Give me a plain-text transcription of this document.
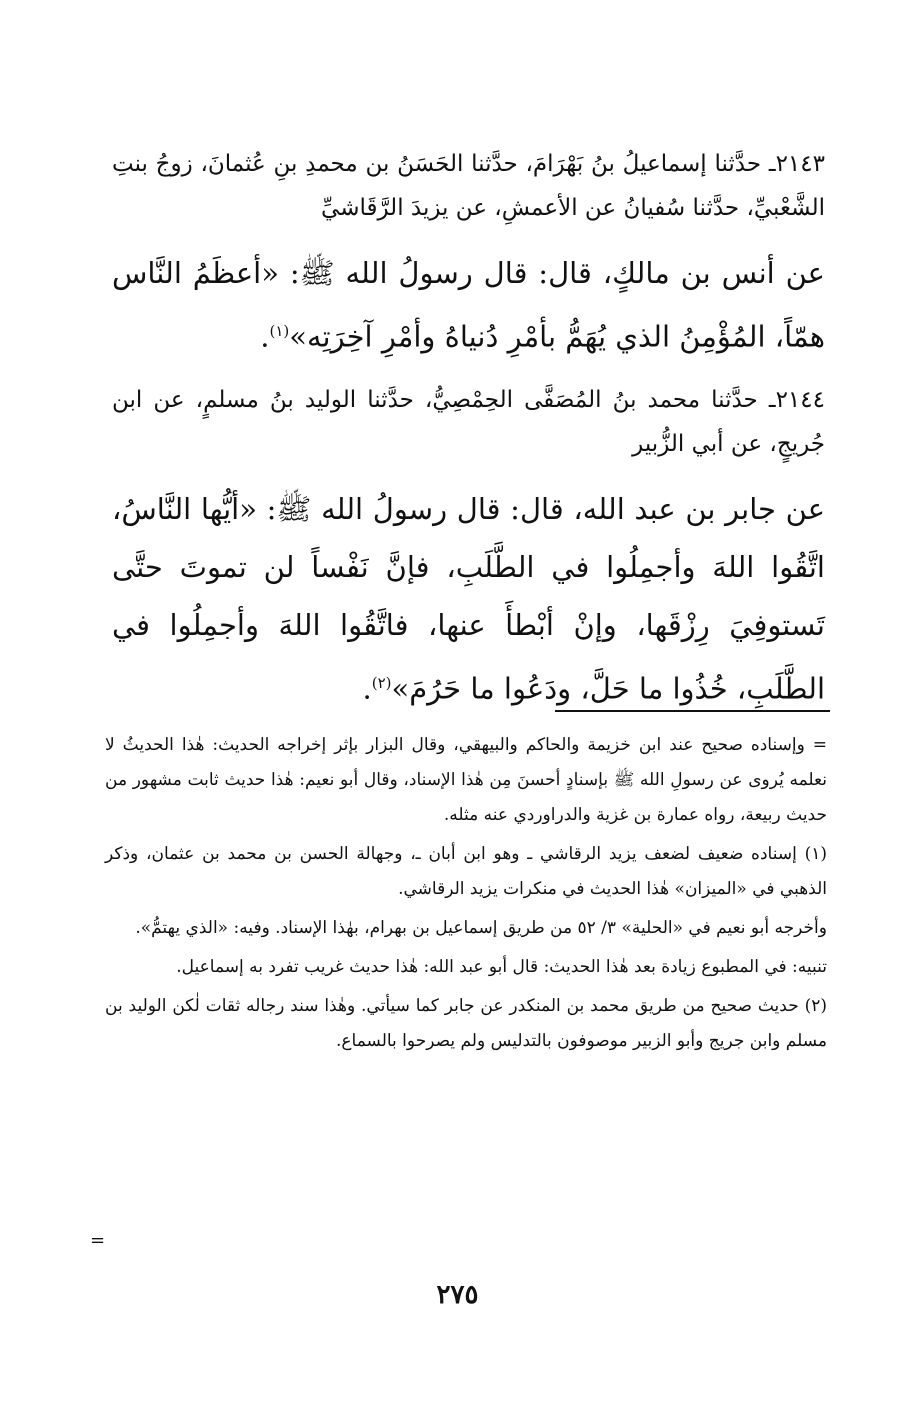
٢١٤٣ـ حدَّثنا إسماعيلُ بنُ بَهْرَامَ، حدَّثنا الحَسَنُ بن محمدِ بنِ عُثمانَ، زوجُ بنتِ الشَّعْبيِّ، حدَّثنا سُفيانُ عن الأعمشِ، عن يزيدَ الرَّقَاشيِّ

عن أنس بن مالكٍ، قال: قال رسولُ الله ﷺ: «أعظَمُ النَّاس همّاً، المُؤْمِنُ الذي يُهَمُّ بأمْرِ دُنياهُ وأمْرِ آخِرَتِه»$^{(١)}$.

٢١٤٤ـ حدَّثنا محمد بنُ المُصَفَّى الحِمْصِيُّ، حدَّثنا الوليد بنُ مسلمٍ، عن ابن جُريجٍ، عن أبي الزُّبير

عن جابر بن عبد الله، قال: قال رسولُ الله ﷺ: «أيُّها النَّاسُ، اتَّقُوا اللهَ وأجمِلُوا في الطَّلَبِ، فإنَّ نَفْساً لن تموتَ حتَّى تَستوفِيَ رِزْقَها، وإنْ أبْطأَ عنها، فاتَّقُوا اللهَ وأجمِلُوا في الطَّلَبِ، خُذُوا ما حَلَّ، ودَعُوا ما حَرُمَ»$^{(٢)}$.

= وإسناده صحيح عند ابن خزيمة والحاكم والبيهقي، وقال البزار بإثر إخراجه الحديث: هٰذا الحديثُ لا نعلمه يُروى عن رسولِ الله ﷺ بإسنادٍ أحسنَ مِن هٰذا الإسناد، وقال أبو نعيم: هٰذا حديث ثابت مشهور من حديث ربيعة، رواه عمارة بن غزية والدراوردي عنه مثله.

(١) إسناده ضعيف لضعف يزيد الرقاشي ـ وهو ابن أبان ـ، وجهالة الحسن بن محمد بن عثمان، وذكر الذهبي في «الميزان» هٰذا الحديث في منكرات يزيد الرقاشي.

وأخرجه أبو نعيم في «الحلية» ٣/ ٥٢ من طريق إسماعيل بن بهرام، بهٰذا الإسناد. وفيه: «الذي يهتمُّ».

تنبيه: في المطبوع زيادة بعد هٰذا الحديث: قال أبو عبد الله: هٰذا حديث غريب تفرد به إسماعيل.

(٢) حديث صحيح من طريق محمد بن المنكدر عن جابر كما سيأتي. وهٰذا سند رجاله ثقات لٰكن الوليد بن مسلم وابن جريج وأبو الزبير موصوفون بالتدليس ولم يصرحوا بالسماع.

=
٢٧٥
